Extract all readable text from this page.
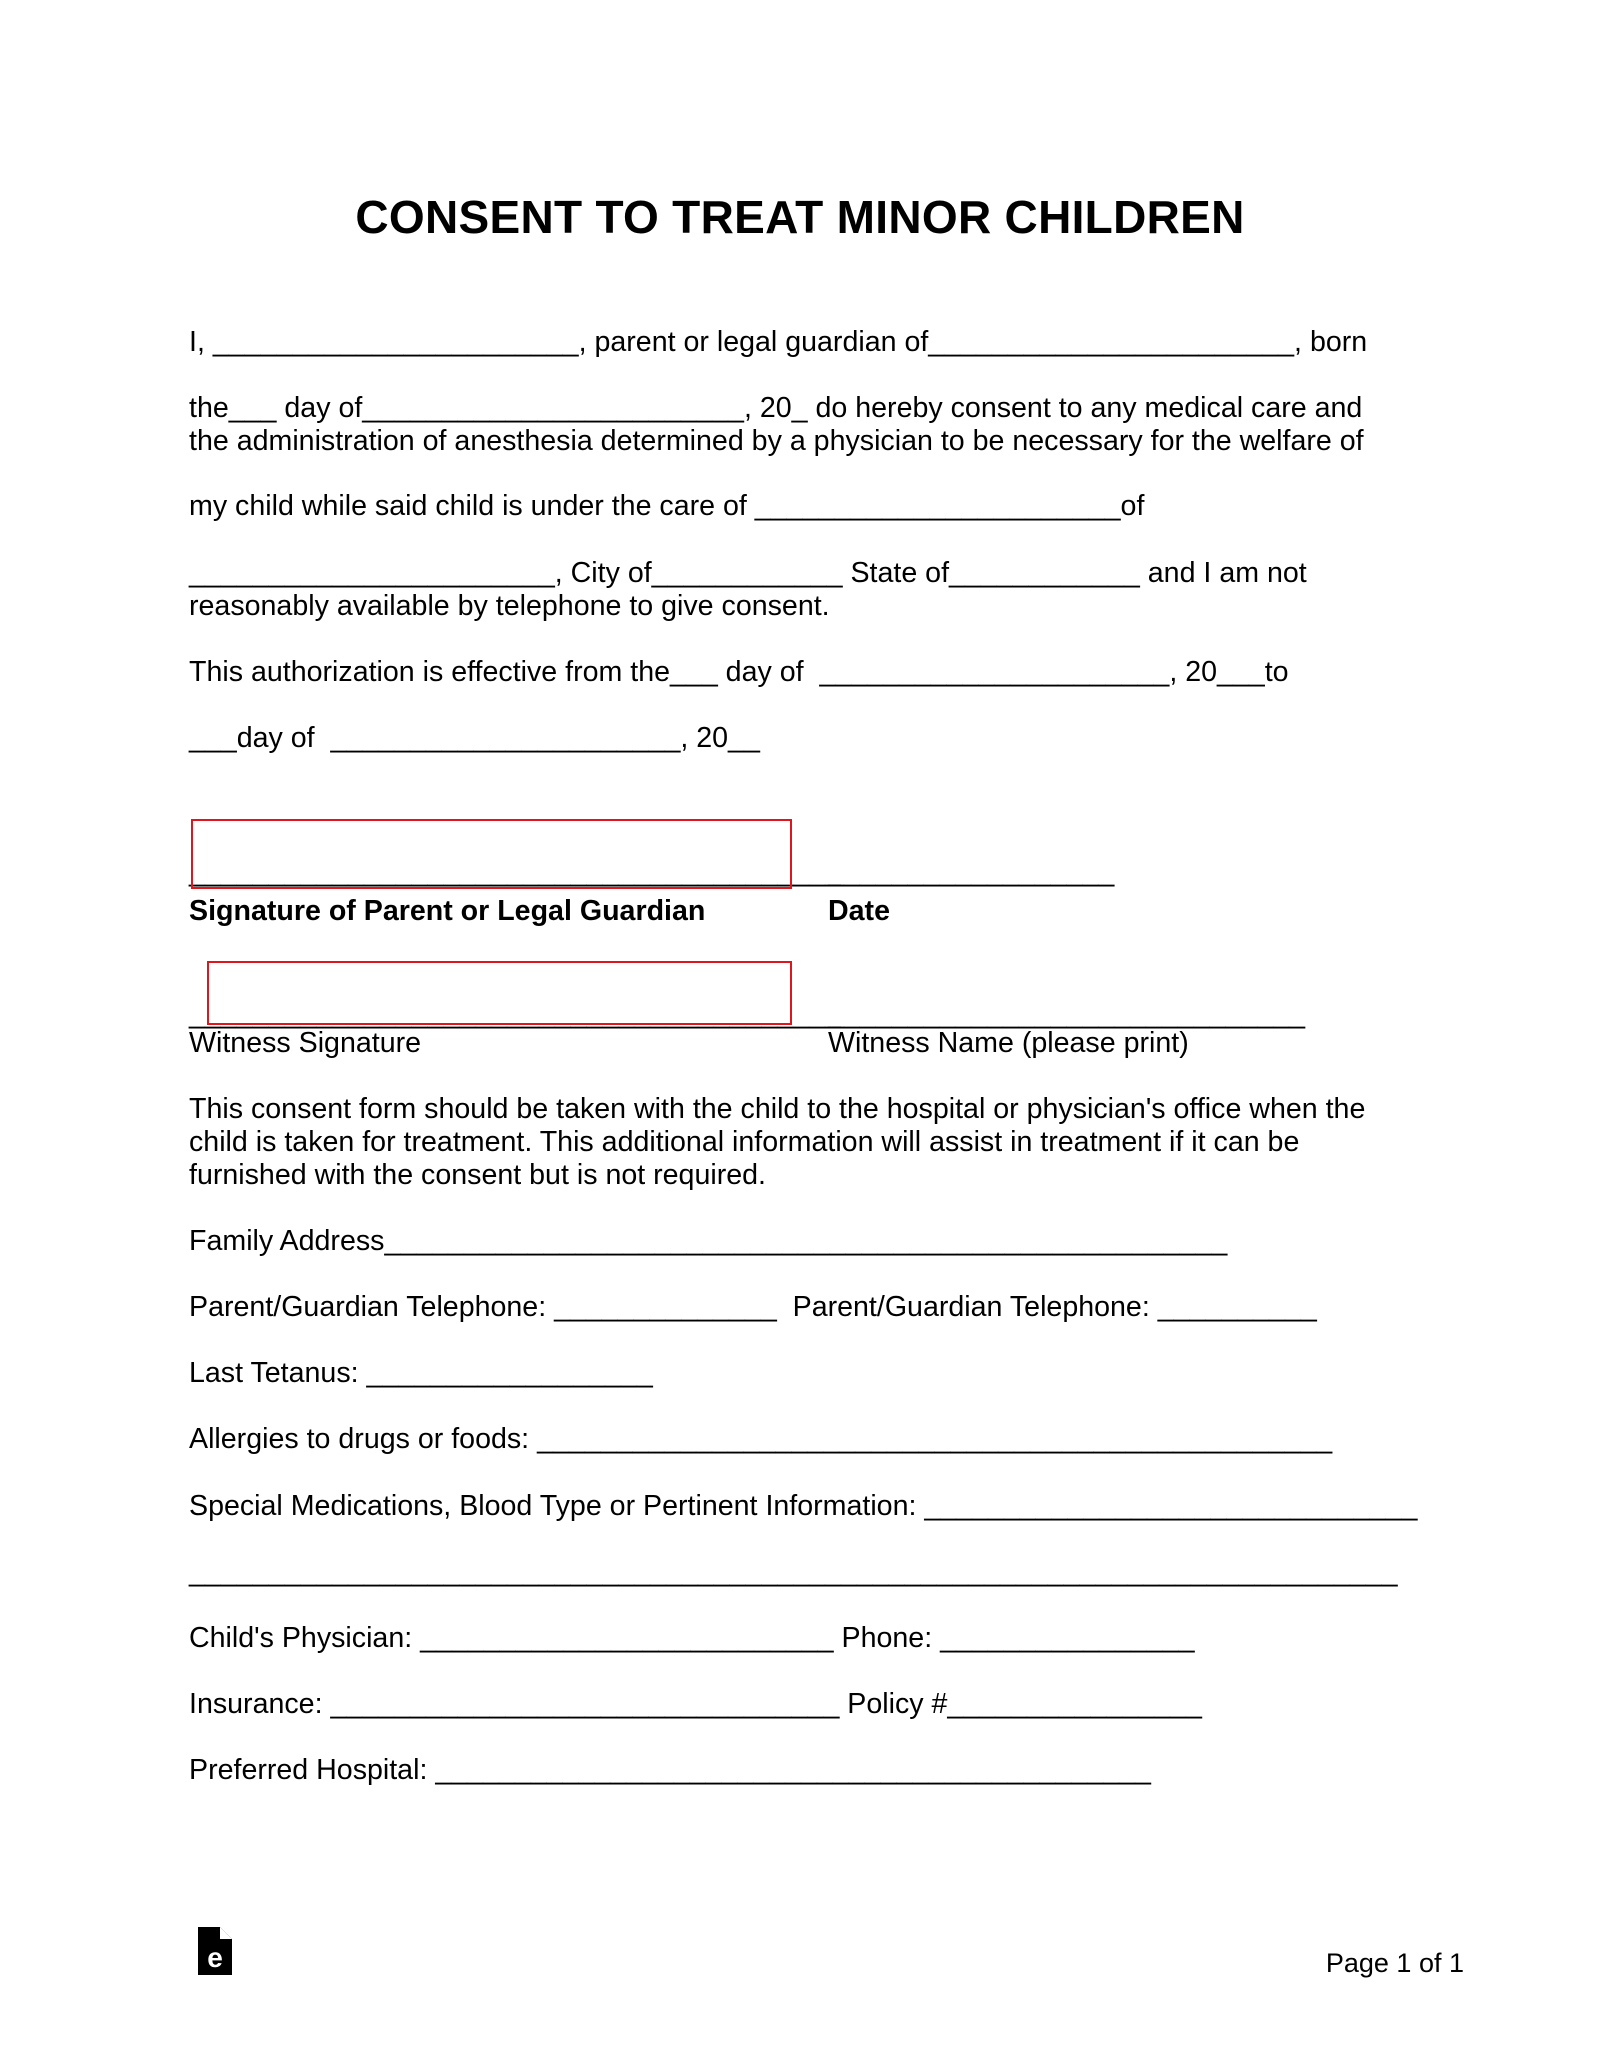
CONSENT TO TREAT MINOR CHILDREN
I, _______________________, parent or legal guardian of_______________________, born
the___ day of________________________, 20_ do hereby consent to any medical care and
the administration of anesthesia determined by a physician to be necessary for the welfare of
my child while said child is under the care of _______________________of
_______________________, City of____________ State of____________ and I am not
reasonably available by telephone to give consent.
This authorization is effective from the___ day of  ______________________, 20___to
___day of  ______________________, 20__
_________________________________________
__________________
Signature of Parent or Legal Guardian	Date
_________________________________________
______________________________
Witness Signature	Witness Name (please print)
This consent form should be taken with the child to the hospital or physician's office when the
child is taken for treatment. This additional information will assist in treatment if it can be
furnished with the consent but is not required.
Family Address_____________________________________________________
Parent/Guardian Telephone: ______________  Parent/Guardian Telephone: __________
Last Tetanus: __________________
Allergies to drugs or foods: __________________________________________________
Special Medications, Blood Type or Pertinent Information: _______________________________
____________________________________________________________________________
Child's Physician: __________________________ Phone: ________________
Insurance: ________________________________ Policy #________________
Preferred Hospital: _____________________________________________
e	Page 1 of 1
